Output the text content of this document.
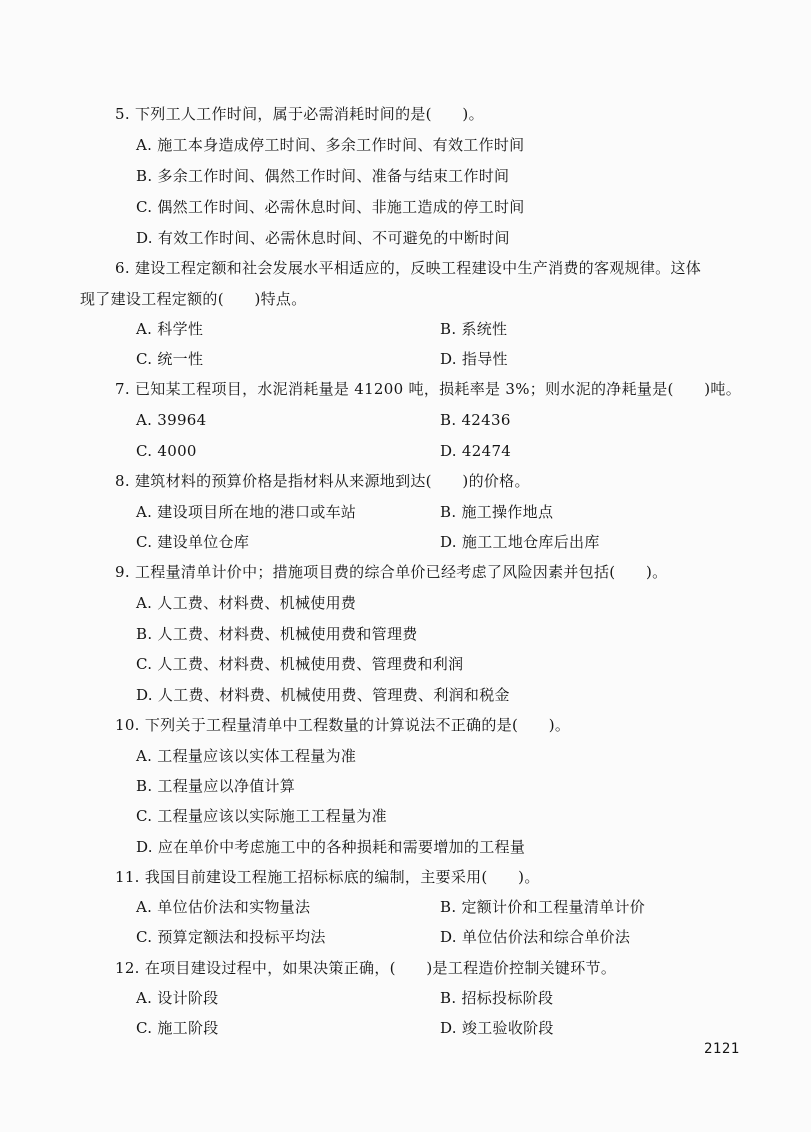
5. 下列工人工作时间，属于必需消耗时间的是(　　)。
A. 施工本身造成停工时间、多余工作时间、有效工作时间
B. 多余工作时间、偶然工作时间、准备与结束工作时间
C. 偶然工作时间、必需休息时间、非施工造成的停工时间
D. 有效工作时间、必需休息时间、不可避免的中断时间
6. 建设工程定额和社会发展水平相适应的，反映工程建设中生产消费的客观规律。这体
现了建设工程定额的(　　)特点。
A. 科学性	B. 系统性
C. 统一性	D. 指导性
7. 已知某工程项目，水泥消耗量是 41200 吨，损耗率是 3%；则水泥的净耗量是(　　)吨。
A. 39964	B. 42436
C. 4000	D. 42474
8. 建筑材料的预算价格是指材料从来源地到达(　　)的价格。
A. 建设项目所在地的港口或车站	B. 施工操作地点
C. 建设单位仓库	D. 施工工地仓库后出库
9. 工程量清单计价中；措施项目费的综合单价已经考虑了风险因素并包括(　　)。
A. 人工费、材料费、机械使用费
B. 人工费、材料费、机械使用费和管理费
C. 人工费、材料费、机械使用费、管理费和利润
D. 人工费、材料费、机械使用费、管理费、利润和税金
10. 下列关于工程量清单中工程数量的计算说法不正确的是(　　)。
A. 工程量应该以实体工程量为准
B. 工程量应以净值计算
C. 工程量应该以实际施工工程量为准
D. 应在单价中考虑施工中的各种损耗和需要增加的工程量
11. 我国目前建设工程施工招标标底的编制，主要采用(　　)。
A. 单位估价法和实物量法	B. 定额计价和工程量清单计价
C. 预算定额法和投标平均法	D. 单位估价法和综合单价法
12. 在项目建设过程中，如果决策正确，(　　)是工程造价控制关键环节。
A. 设计阶段	B. 招标投标阶段
C. 施工阶段	D. 竣工验收阶段
2121
